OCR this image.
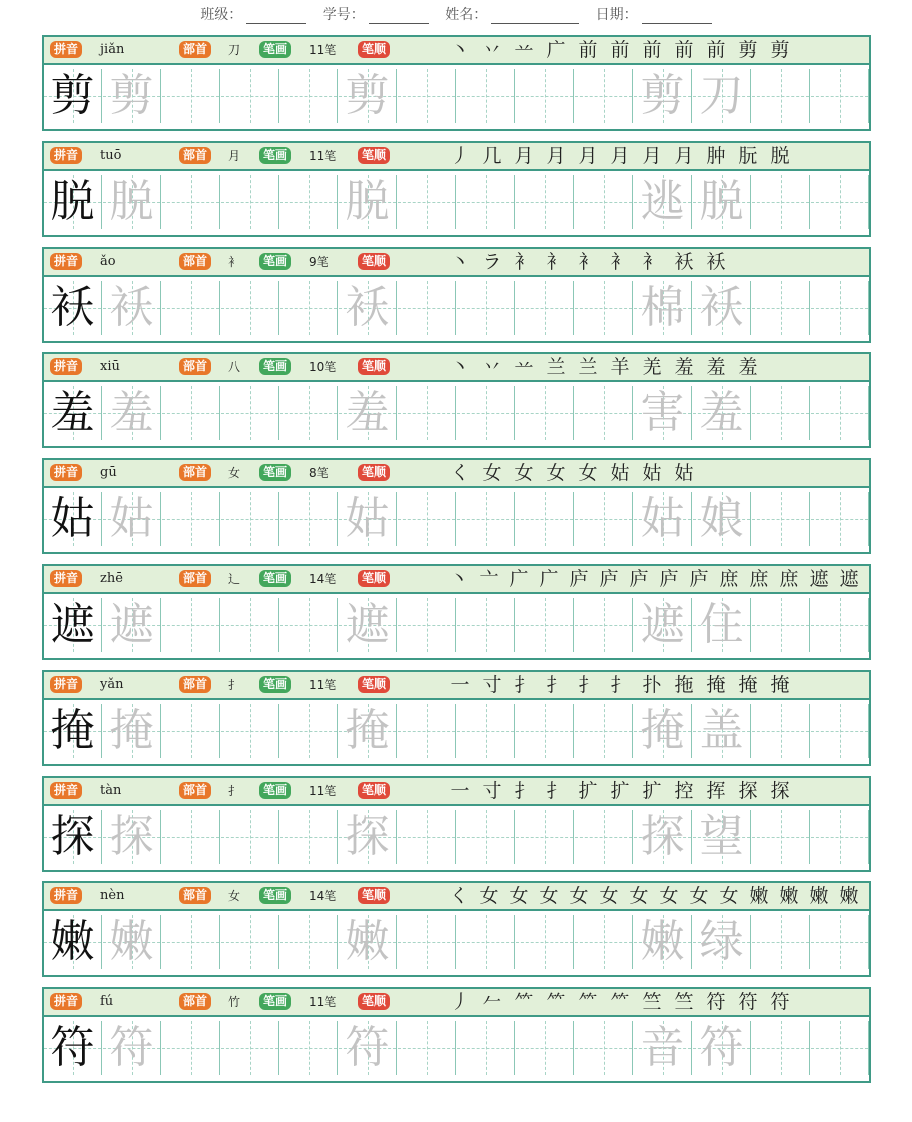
班级：	学号：	姓名：	日期：
拼音	jiǎn	部首	刀	笔画	11笔	笔顺	丶 丷 䒑 广 前 前 前 前 前 剪 剪
剪 剪	剪	剪 刀
拼音	tuō	部首	月	笔画	11笔	笔顺	丿 几 月 月 月 月 月 月 肿 朊 脱
脱 脱	脱	逃 脱
拼音	ǎo	部首	衤	笔画	9笔	笔顺	丶 ラ 衤 衤 衤 衤 衤 袄 袄
袄 袄	袄	棉 袄
拼音	xiū	部首	八	笔画	10笔	笔顺	丶 丷 䒑 兰 兰 羊 羌 羞 羞 羞
羞 羞	羞	害 羞
拼音	gū	部首	女	笔画	8笔	笔顺	く 女 女 女 女 姑 姑 姑
姑 姑	姑	姑 娘
拼音	zhē	部首	辶	笔画	14笔	笔顺	丶 亠 广 广 庐 庐 庐 庐 庐 庶 庶 庶 遮 遮
遮 遮	遮	遮 住
拼音	yǎn	部首	扌	笔画	11笔	笔顺	一 寸 扌 扌 扌 扌 扑 拖 掩 掩 掩
掩 掩	掩	掩 盖
拼音	tàn	部首	扌	笔画	11笔	笔顺	一 寸 扌 扌 扩 扩 扩 控 挥 探 探
探 探	探	探 望
拼音	nèn	部首	女	笔画	14笔	笔顺	く 女 女 女 女 女 女 女 女 女 嫩 嫩 嫩 嫩
嫩 嫩	嫩	嫩 绿
拼音	fú	部首	竹	笔画	11笔	笔顺	丿 𠂉 ⺮ ⺮ ⺮ ⺮ 竺 竺 符 符 符
符 符	符	音 符
